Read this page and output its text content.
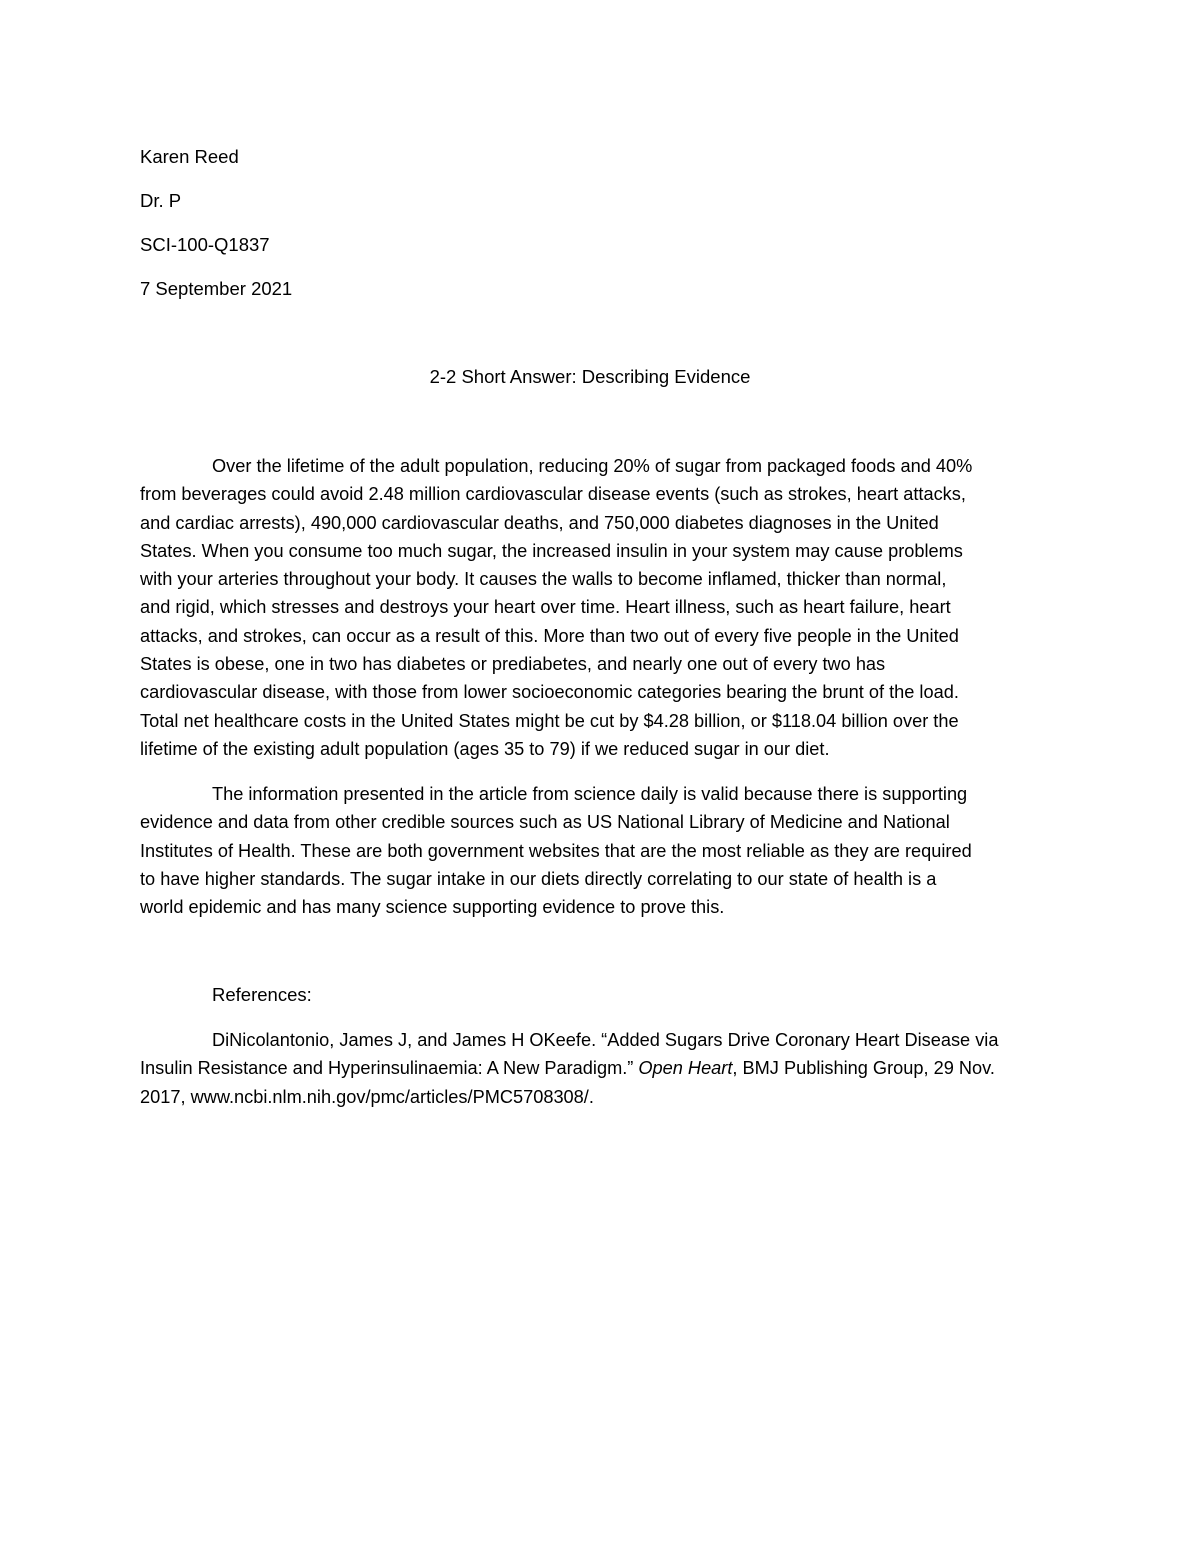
Karen Reed
Dr. P
SCI-100-Q1837
7 September 2021
2-2 Short Answer: Describing Evidence
Over the lifetime of the adult population, reducing 20% of sugar from packaged foods and 40%
from beverages could avoid 2.48 million cardiovascular disease events (such as strokes, heart attacks,
and cardiac arrests), 490,000 cardiovascular deaths, and 750,000 diabetes diagnoses in the United
States. When you consume too much sugar, the increased insulin in your system may cause problems
with your arteries throughout your body. It causes the walls to become inflamed, thicker than normal,
and rigid, which stresses and destroys your heart over time. Heart illness, such as heart failure, heart
attacks, and strokes, can occur as a result of this. More than two out of every five people in the United
States is obese, one in two has diabetes or prediabetes, and nearly one out of every two has
cardiovascular disease, with those from lower socioeconomic categories bearing the brunt of the load.
Total net healthcare costs in the United States might be cut by $4.28 billion, or $118.04 billion over the
lifetime of the existing adult population (ages 35 to 79) if we reduced sugar in our diet.
The information presented in the article from science daily is valid because there is supporting
evidence and data from other credible sources such as US National Library of Medicine and National
Institutes of Health. These are both government websites that are the most reliable as they are required
to have higher standards. The sugar intake in our diets directly correlating to our state of health is a
world epidemic and has many science supporting evidence to prove this.
References:
DiNicolantonio, James J, and James H OKeefe. “Added Sugars Drive Coronary Heart Disease via
Insulin Resistance and Hyperinsulinaemia: A New Paradigm.” Open Heart, BMJ Publishing Group, 29 Nov.
2017, www.ncbi.nlm.nih.gov/pmc/articles/PMC5708308/.
